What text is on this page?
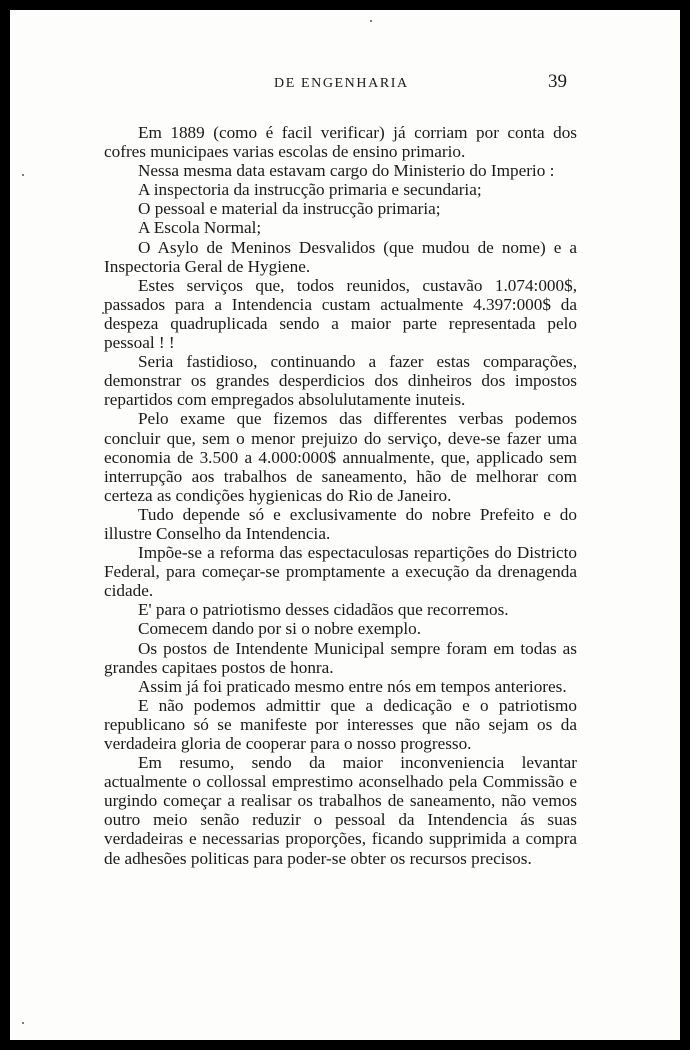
DE ENGENHARIA	39

Em 1889 (como é facil verificar) já corriam por conta dos cofres municipaes varias escolas de ensino primario.

Nessa mesma data estavam cargo do Ministerio do Imperio :

A inspectoria da instrucção primaria e secundaria;

O pessoal e material da instrucção primaria;

A Escola Normal;

O Asylo de Meninos Desvalidos (que mudou de nome) e a Inspectoria Geral de Hygiene.

Estes serviços que, todos reunidos, custavão 1.074:000$, passados para a Intendencia custam actualmente 4.397:000$ da despeza quadruplicada sendo a maior parte representada pelo pessoal ! !

Seria fastidioso, continuando a fazer estas comparações, demonstrar os grandes desperdicios dos dinheiros dos impostos repartidos com empregados absolulutamente inuteis.

Pelo exame que fizemos das differentes verbas podemos concluir que, sem o menor prejuizo do serviço, deve-se fazer uma economia de 3.500 a 4.000:000$ annualmente, que, applicado sem interrupção aos trabalhos de saneamento, hão de melhorar com certeza as condições hygienicas do Rio de Janeiro.

Tudo depende só e exclusivamente do nobre Prefeito e do illustre Conselho da Intendencia.

Impõe-se a reforma das espectaculosas repartições do Districto Federal, para começar-se promptamente a execução da drenagenda cidade.

E' para o patriotismo desses cidadãos que recorremos.

Comecem dando por si o nobre exemplo.

Os postos de Intendente Municipal sempre foram em todas as grandes capitaes postos de honra.

Assim já foi praticado mesmo entre nós em tempos anteriores.

E não podemos admittir que a dedicação e o patriotismo republicano só se manifeste por interesses que não sejam os da verdadeira gloria de cooperar para o nosso progresso.

Em resumo, sendo da maior inconveniencia levantar actualmente o collossal emprestimo aconselhado pela Commissão e urgindo começar a realisar os trabalhos de saneamento, não vemos outro meio senão reduzir o pessoal da Intendencia ás suas verdadeiras e necessarias proporções, ficando supprimida a compra de adhesões politicas para poder-se obter os recursos precisos.
